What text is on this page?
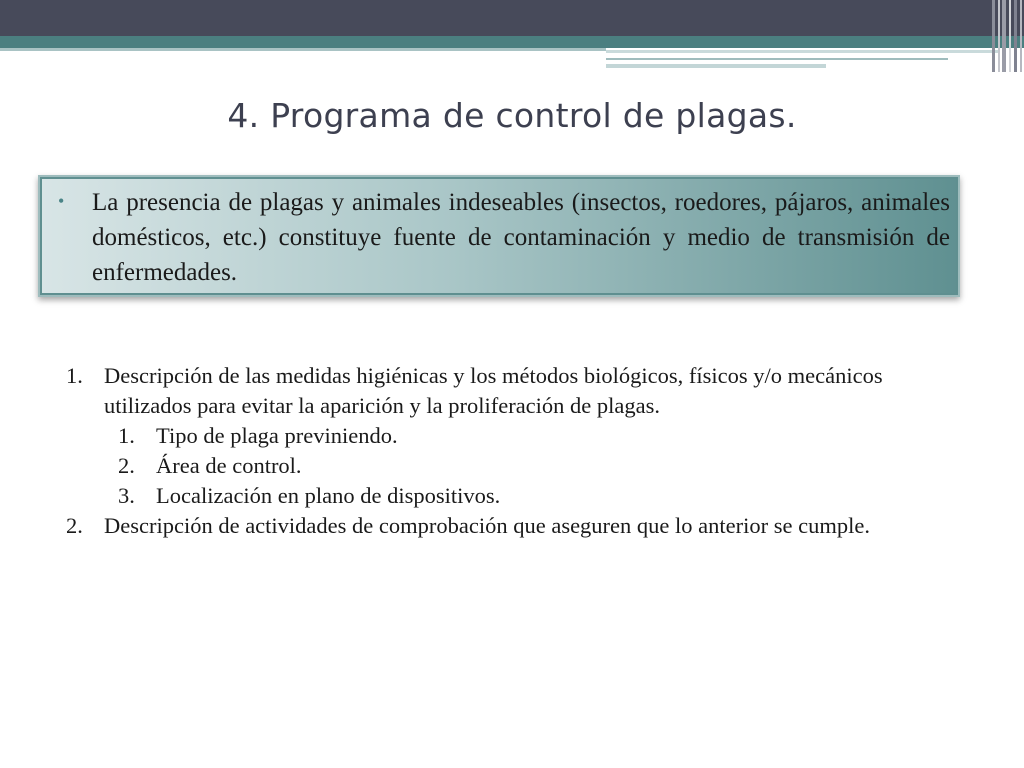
4. Programa de control de plagas.
•	La presencia de plagas y animales indeseables (insectos, roedores, pájaros, animales domésticos, etc.) constituye fuente de contaminación y medio de transmisión de enfermedades.
1. Descripción de las medidas higiénicas y los métodos biológicos, físicos y/o mecánicos utilizados para evitar la aparición y la proliferación de plagas.
1. Tipo de plaga previniendo.
2. Área de control.
3. Localización en plano de dispositivos.
2. Descripción de actividades de comprobación que aseguren que lo anterior se cumple.
